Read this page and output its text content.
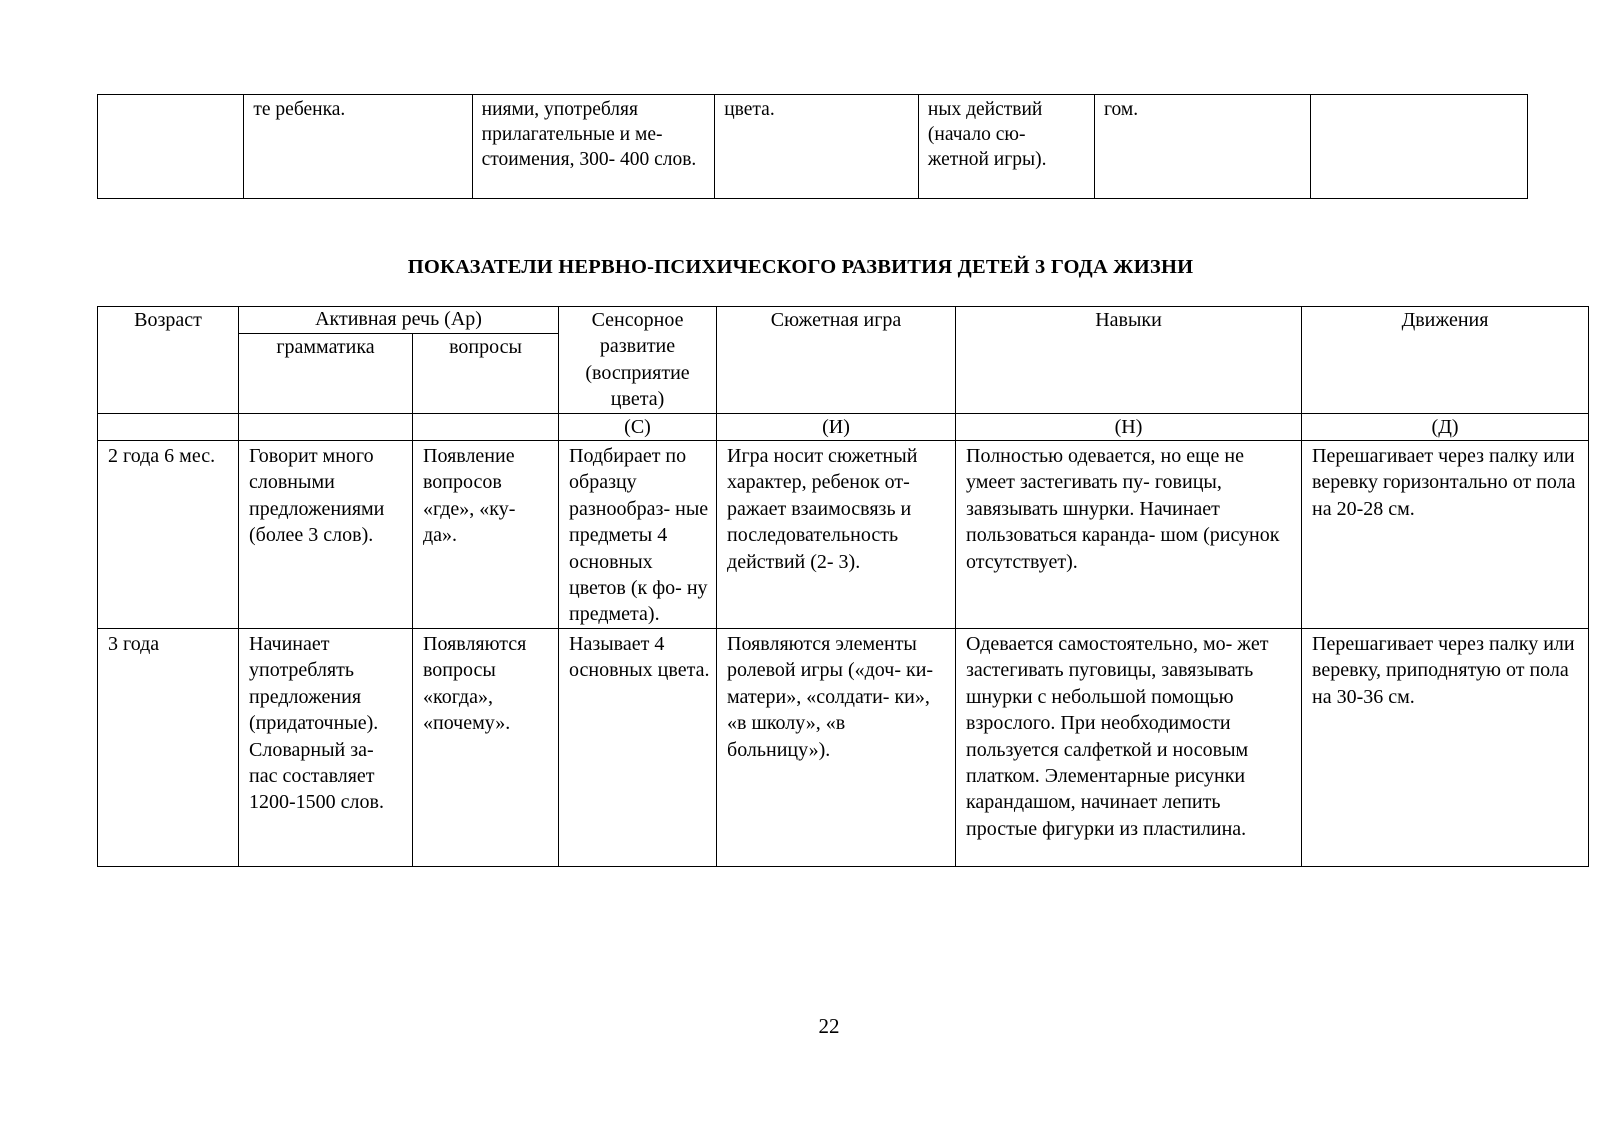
	те ребенка.	ниями, употребляя прилагательные и ме- стоимения, 300- 400 слов.	цвета.	ных действий (начало сю- жетной игры).	гом.	
ПОКАЗАТЕЛИ НЕРВНО-ПСИХИЧЕСКОГО РАЗВИТИЯ ДЕТЕЙ 3 ГОДА ЖИЗНИ
Возраст	Активная речь (Ар)		Сенсорное развитие (восприятие цвета)	Сюжетная игра	Навыки	Движения
	грамматика	вопросы				
			(С)	(И)	(Н)	(Д)
2 года 6 мес.	Говорит много словными предложениями (более 3 слов).	Появление вопросов «где», «ку- да».	Подбирает по образцу разнообраз- ные предметы 4 основных цветов (к фо- ну предмета).	Игра носит сюжетный характер, ребенок от- ражает взаимосвязь и последовательность действий (2- 3).	Полностью одевается, но еще не умеет застегивать пу- говицы, завязывать шнурки. Начинает пользоваться каранда- шом (рисунок отсутствует).	Перешагивает через палку или веревку горизонтально от пола на 20-28 см.
3 года	Начинает употреблять предложения (придаточные). Словарный за- пас составляет 1200-1500 слов.	Появляются вопросы «когда», «почему».	Называет 4 основных цвета.	Появляются элементы ролевой игры («доч- ки-матери», «солдати- ки», «в школу», «в больницу»).	Одевается самостоятельно, мо- жет застегивать пуговицы, завязывать шнурки с небольшой помощью взрослого. При необходимости пользуется салфеткой и носовым платком. Элементарные рисунки карандашом, начинает лепить простые фигурки из пластилина.	Перешагивает через палку или веревку, приподнятую от пола на 30-36 см.
22
